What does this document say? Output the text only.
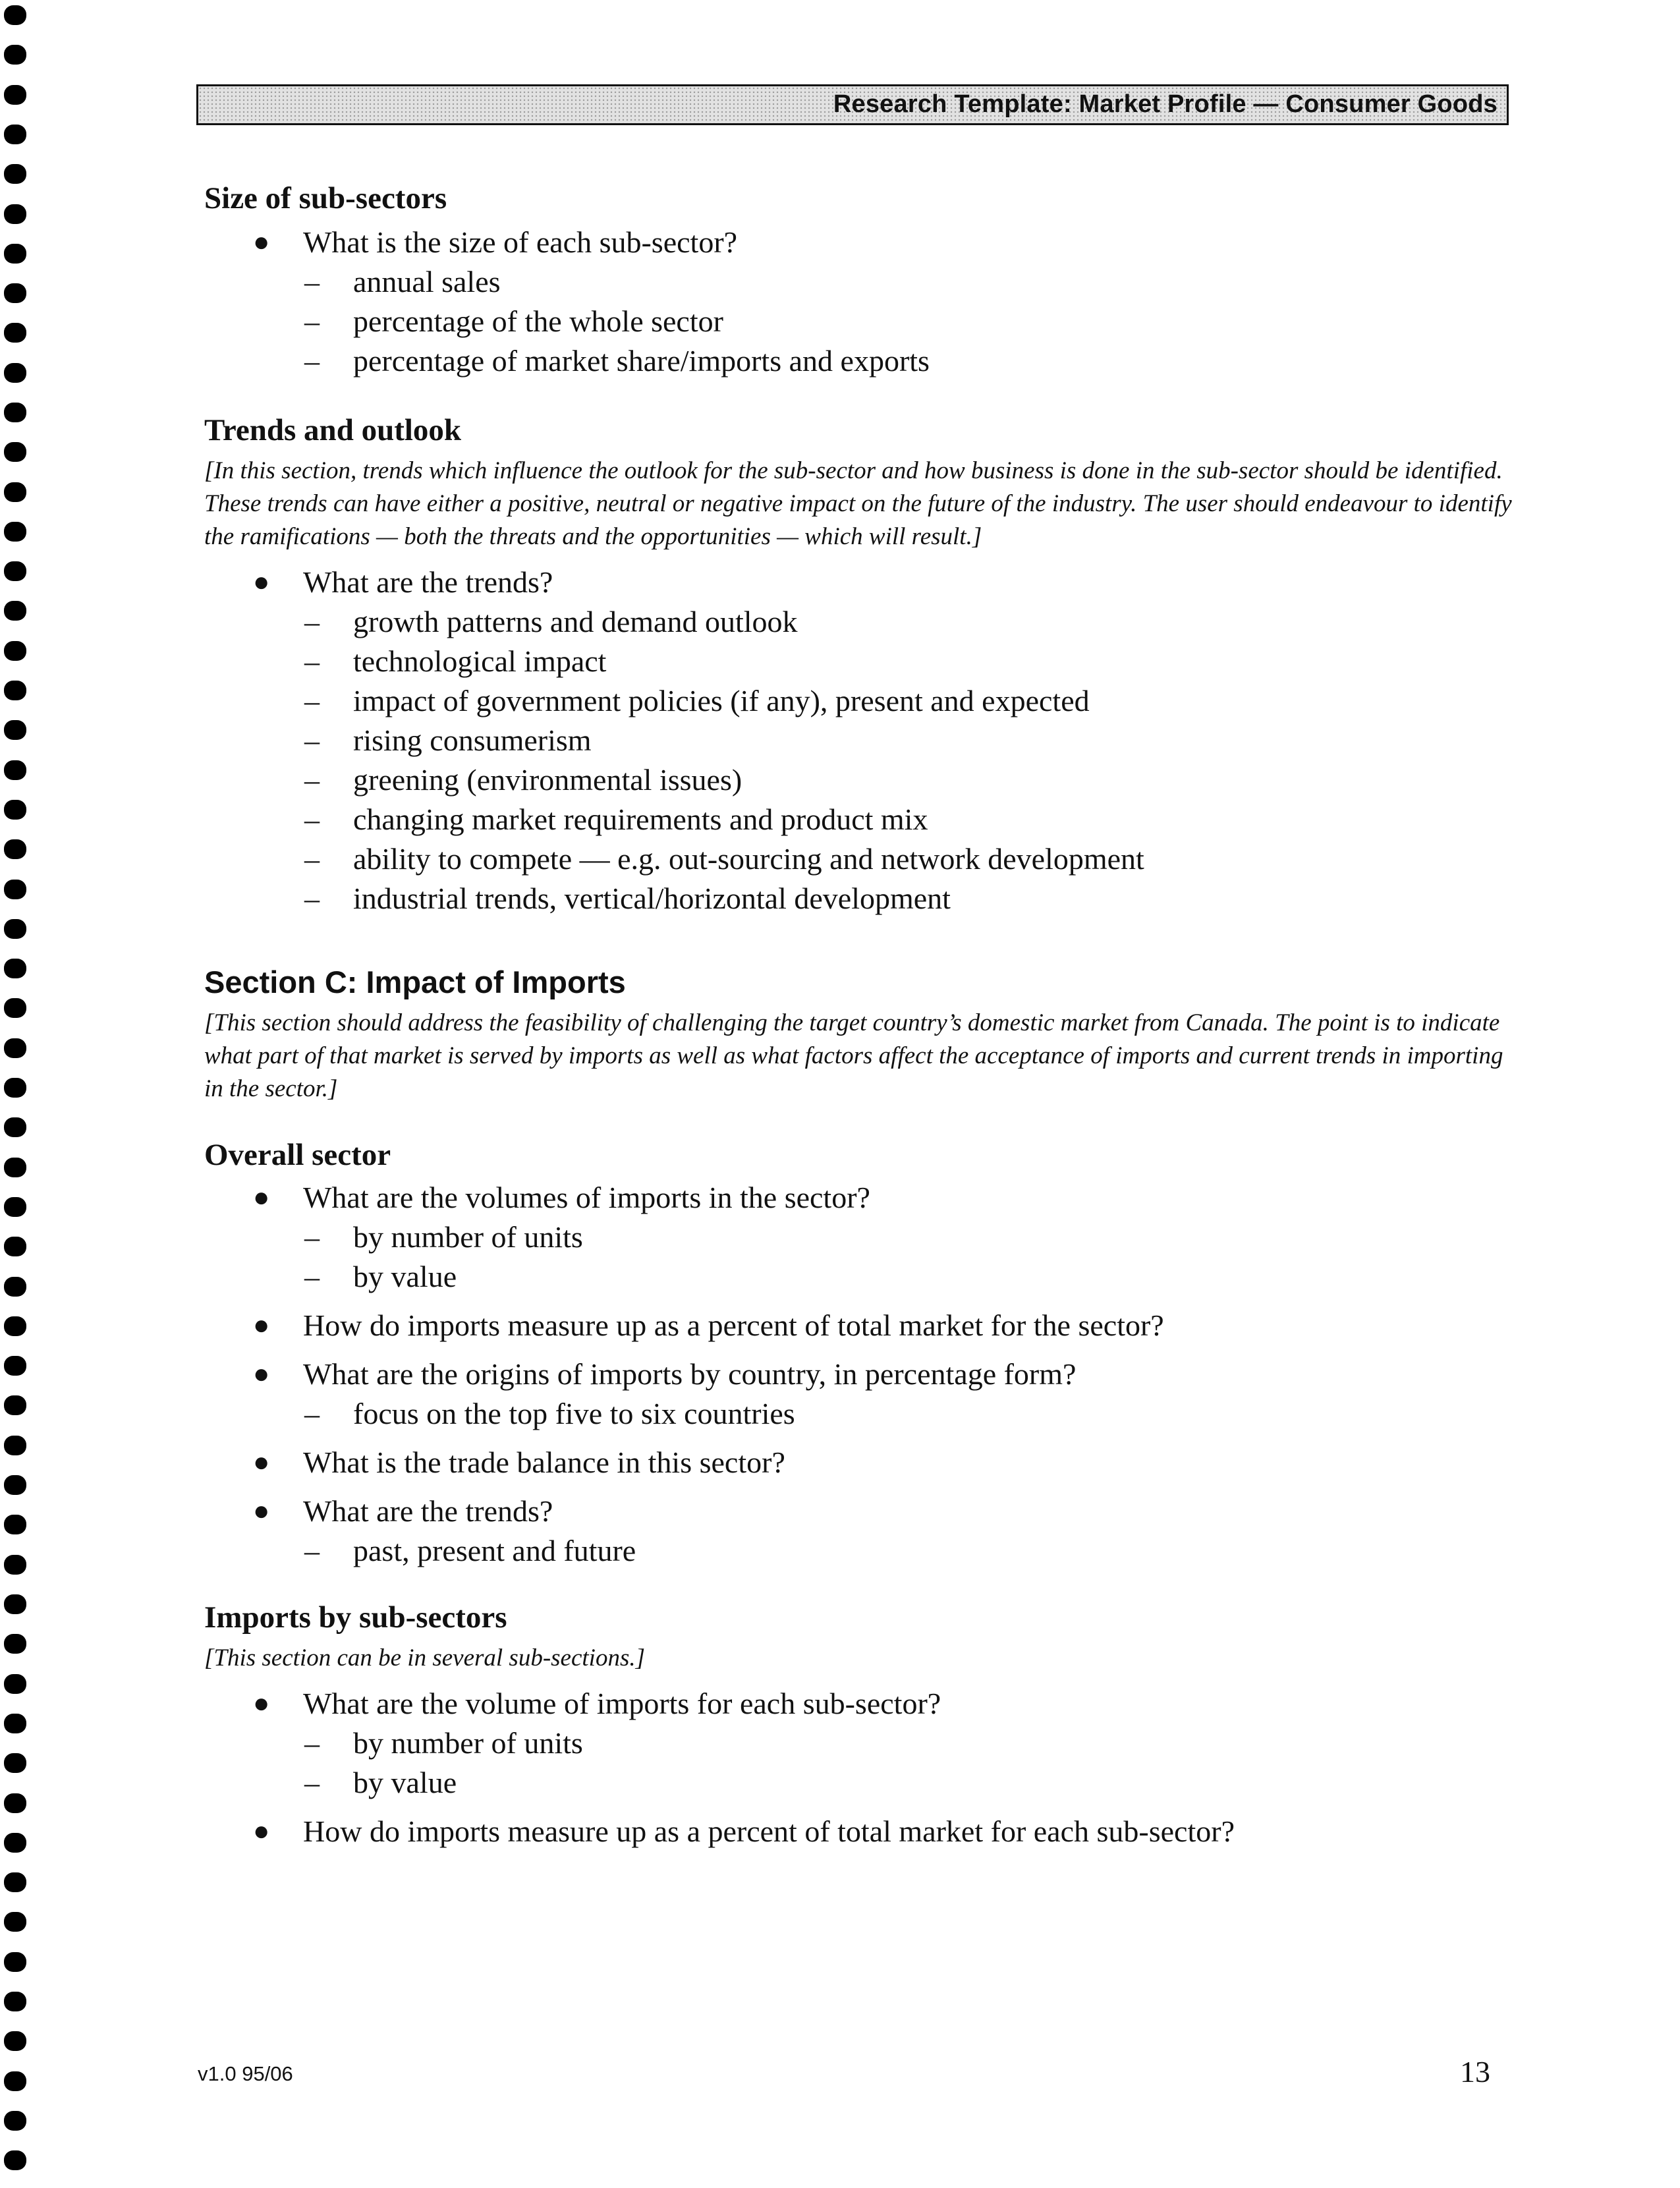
Research Template: Market Profile — Consumer Goods
Size of sub-sectors
● What is the size of each sub-sector?
– annual sales
– percentage of the whole sector
– percentage of market share/imports and exports
Trends and outlook

[In this section, trends which influence the outlook for the sub-sector and how business is done in the sub-sector should be identified. These trends can have either a positive, neutral or negative impact on the future of the industry. The user should endeavour to identify the ramifications — both the threats and the opportunities — which will result.]

● What are the trends?
– growth patterns and demand outlook
– technological impact
– impact of government policies (if any), present and expected
– rising consumerism
– greening (environmental issues)
– changing market requirements and product mix
– ability to compete — e.g. out-sourcing and network development
– industrial trends, vertical/horizontal development
Section C: Impact of Imports

[This section should address the feasibility of challenging the target country’s domestic market from Canada. The point is to indicate what part of that market is served by imports as well as what factors affect the acceptance of imports and current trends in importing in the sector.]

Overall sector
● What are the volumes of imports in the sector?
– by number of units
– by value
● How do imports measure up as a percent of total market for the sector?
● What are the origins of imports by country, in percentage form?
– focus on the top five to six countries
● What is the trade balance in this sector?
● What are the trends?
– past, present and future
Imports by sub-sectors

[This section can be in several sub-sections.]

● What are the volume of imports for each sub-sector?
– by number of units
– by value
● How do imports measure up as a percent of total market for each sub-sector?
v1.0 95/06	13
